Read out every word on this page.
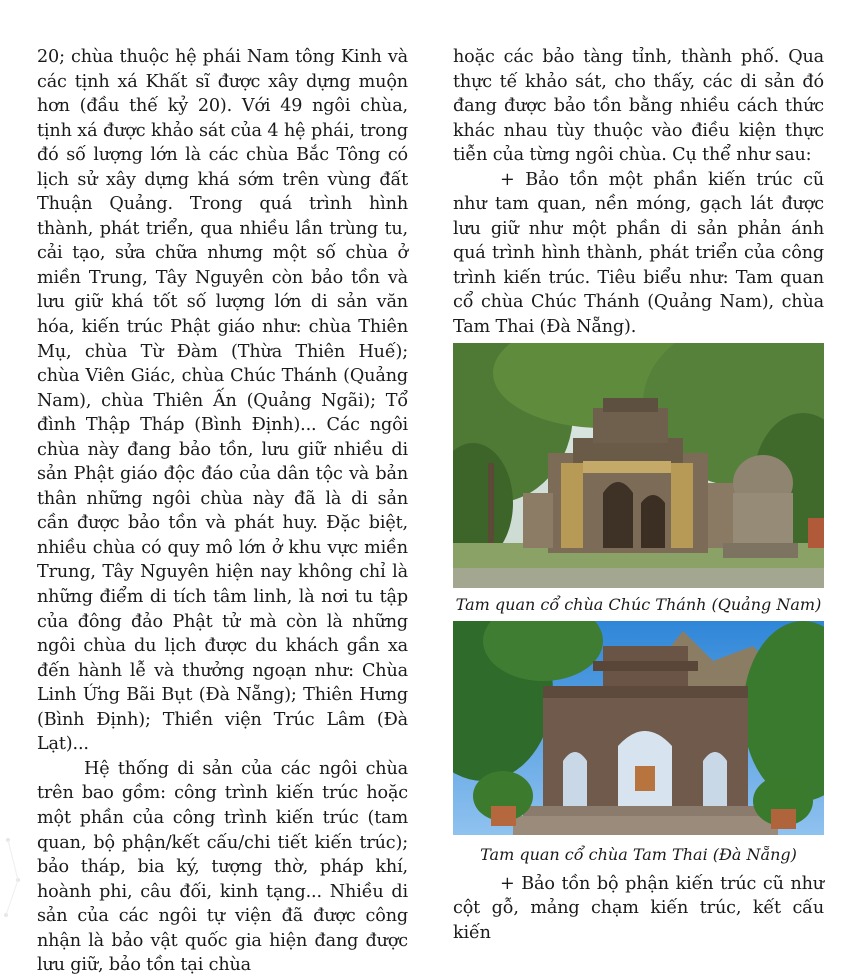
20; chùa thuộc hệ phái Nam tông Kinh và các tịnh xá Khất sĩ được xây dựng muộn hơn (đầu thế kỷ 20). Với 49 ngôi chùa, tịnh xá được khảo sát của 4 hệ phái, trong đó số lượng lớn là các chùa Bắc Tông có lịch sử xây dựng khá sớm trên vùng đất Thuận Quảng. Trong quá trình hình thành, phát triển, qua nhiều lần trùng tu, cải tạo, sửa chữa nhưng một số chùa ở miền Trung, Tây Nguyên còn bảo tồn và lưu giữ khá tốt số lượng lớn di sản văn hóa, kiến trúc Phật giáo như: chùa Thiên Mụ, chùa Từ Đàm (Thừa Thiên Huế); chùa Viên Giác, chùa Chúc Thánh (Quảng Nam), chùa Thiên Ấn (Quảng Ngãi); Tổ đình Thập Tháp (Bình Định)... Các ngôi chùa này đang bảo tồn, lưu giữ nhiều di sản Phật giáo độc đáo của dân tộc và bản thân những ngôi chùa này đã là di sản cần được bảo tồn và phát huy. Đặc biệt, nhiều chùa có quy mô lớn ở khu vực miền Trung, Tây Nguyên hiện nay không chỉ là những điểm di tích tâm linh, là nơi tu tập của đông đảo Phật tử mà còn là những ngôi chùa du lịch được du khách gần xa đến hành lễ và thưởng ngoạn như: Chùa Linh Ứng Bãi Bụt (Đà Nẵng); Thiên Hưng (Bình Định); Thiền viện Trúc Lâm (Đà Lạt)...

Hệ thống di sản của các ngôi chùa trên bao gồm: công trình kiến trúc hoặc một phần của công trình kiến trúc (tam quan, bộ phận/kết cấu/chi tiết kiến trúc); bảo tháp, bia ký, tượng thờ, pháp khí, hoành phi, câu đối, kinh tạng... Nhiều di sản của các ngôi tự viện đã được công nhận là bảo vật quốc gia hiện đang được lưu giữ, bảo tồn tại chùa

hoặc các bảo tàng tỉnh, thành phố. Qua thực tế khảo sát, cho thấy, các di sản đó đang được bảo tồn bằng nhiều cách thức khác nhau tùy thuộc vào điều kiện thực tiễn của từng ngôi chùa. Cụ thể như sau:

+ Bảo tồn một phần kiến trúc cũ như tam quan, nền móng, gạch lát được lưu giữ như một phần di sản phản ánh quá trình hình thành, phát triển của công trình kiến trúc. Tiêu biểu như: Tam quan cổ chùa Chúc Thánh (Quảng Nam), chùa Tam Thai (Đà Nẵng).

Tam quan cổ chùa Chúc Thánh (Quảng Nam)

Tam quan cổ chùa Tam Thai (Đà Nẵng)

+ Bảo tồn bộ phận kiến trúc cũ như cột gỗ, mảng chạm kiến trúc, kết cấu kiến
